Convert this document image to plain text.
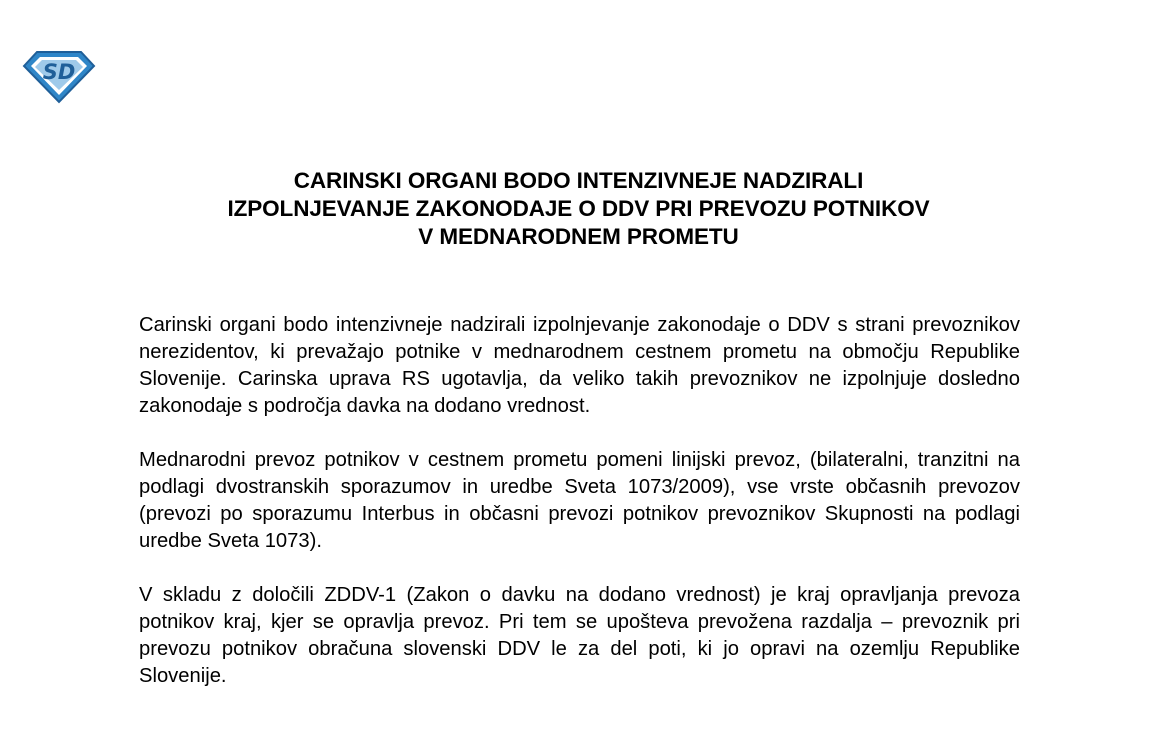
SD
CARINSKI ORGANI BODO INTENZIVNEJE NADZIRALI
IZPOLNJEVANJE ZAKONODAJE O DDV PRI PREVOZU POTNIKOV
V MEDNARODNEM PROMETU

Carinski organi bodo intenzivneje nadzirali izpolnjevanje zakonodaje o DDV s strani prevoznikov nerezidentov, ki prevažajo potnike v mednarodnem cestnem prometu na območju Republike Slovenije. Carinska uprava RS ugotavlja, da veliko takih prevoznikov ne izpolnjuje dosledno zakonodaje s področja davka na dodano vrednost.

Mednarodni prevoz potnikov v cestnem prometu pomeni linijski prevoz, (bilateralni, tranzitni na podlagi dvostranskih sporazumov in uredbe Sveta 1073/2009), vse vrste občasnih prevozov (prevozi po sporazumu Interbus in občasni prevozi potnikov prevoznikov Skupnosti na podlagi uredbe Sveta 1073).

V skladu z določili ZDDV-1 (Zakon o davku na dodano vrednost) je kraj opravljanja prevoza potnikov kraj, kjer se opravlja prevoz. Pri tem se upošteva prevožena razdalja – prevoznik pri prevozu potnikov obračuna slovenski DDV le za del poti, ki jo opravi na ozemlju Republike Slovenije.
